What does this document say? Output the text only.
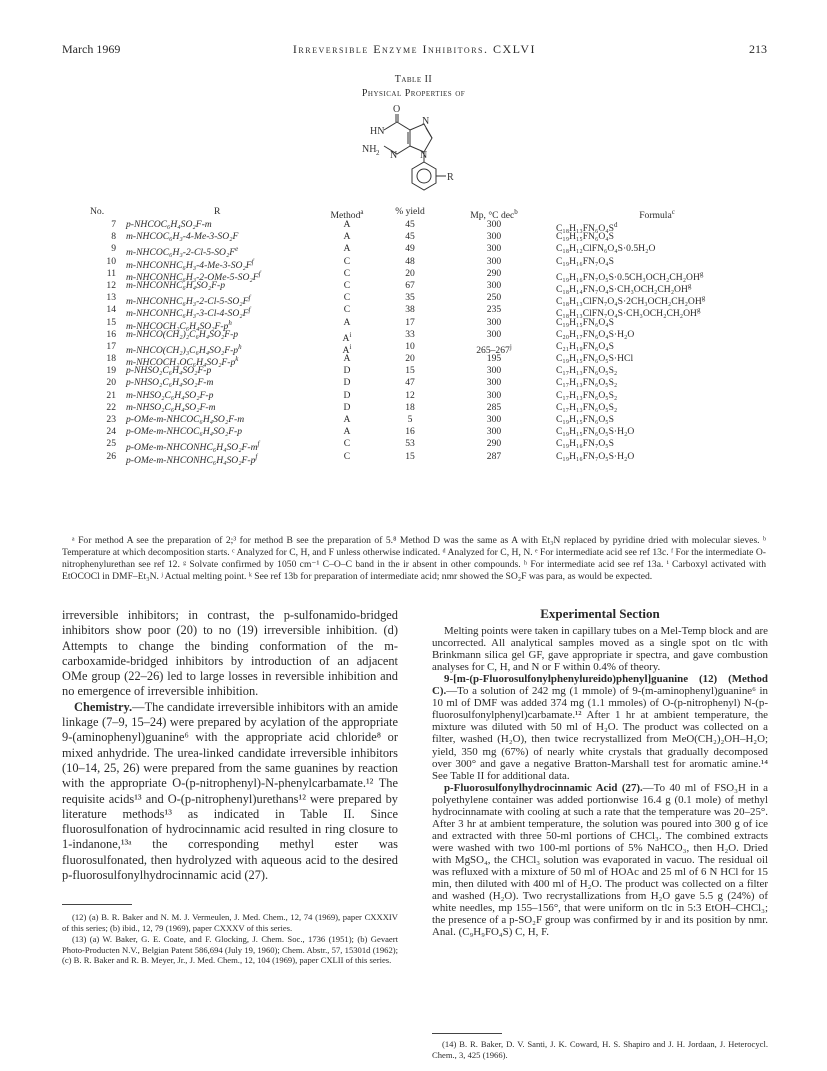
March 1969	Irreversible Enzyme Inhibitors. CXLVI	213
Table II
Physical Properties of
O
HN
NH 2 N
N
N
R
No.	R	Method$^a$	% yield	Mp, °C dec$^b$	Formula$^c$
7 p-NHCOC₆H₄SO₂F-m	A	45	300	$C_{18}H_{13}FN_6O_4S^d$
8 m-NHCOC₆H₃-4-Me-3-SO₂F	A	45	300	C₁₉H₁₅FN₆O₄S
9 $m-NHCOC_6H_3-2-Cl-5-SO_2F^e$	A	49	300	C₁₈H₁₂ClFN₆O₄S·0.5H₂O
10 $m-NHCONHC_6H_3-4-Me-3-SO_2F^f$	C	48	300	C₁₉H₁₆FN₇O₄S
11 $m-NHCONHC_6H_3-2-OMe-5-SO_2F^f$	C	20	290	$C_{19}H_{16}FN_7O_5S\cdot 0.5CH_3OCH_2CH_2OH^g$
12 m-NHCONHC₆H₄SO₂F-p	C	67	300	$C_{18}H_{14}FN_7O_4S\cdot CH_3OCH_2CH_2OH^g$
13 $m-NHCONHC_6H_3-2-Cl-5-SO_2F^f$	C	35	250	$C_{18}H_{13}ClFN_7O_4S\cdot 2CH_3OCH_2CH_2OH^g$
14 $m-NHCONHC_6H_3-3-Cl-4-SO_2F^f$	C	38	235	$C_{18}H_{13}ClFN_7O_4S\cdot CH_3OCH_2CH_2OH^g$
15 $m-NHCOCH_2C_6H_4SO_2F-p^h$	A	17	300	C₁₉H₁₅FN₆O₄S
16 m-NHCO(CH₂)₂C₆H₄SO₂F-p	$A^i$	33	300	C₂₀H₁₇FN₆O₄S·H₂O
17 $m-NHCO(CH_2)_3C_6H_4SO_2F-p^h$	$A^i$	10	265–267$^j$	C₂₁H₁₉FN₆O₄S
18 $m-NHCOCH_2OC_6H_4SO_2F-p^k$	A	20	195	C₁₉H₁₅FN₆O₅S·HCl
19 p-NHSO₂C₆H₄SO₂F-p	D	15	300	C₁₇H₁₃FN₆O₅S₂
20 p-NHSO₂C₆H₄SO₂F-m	D	47	300	C₁₇H₁₃FN₆O₅S₂
21 m-NHSO₂C₆H₄SO₂F-p	D	12	300	C₁₇H₁₃FN₆O₅S₂
22 m-NHSO₂C₆H₄SO₂F-m	D	18	285	C₁₇H₁₃FN₆O₅S₂
23 p-OMe-m-NHCOC₆H₄SO₂F-m	A	5	300	C₁₉H₁₅FN₆O₅S
24 p-OMe-m-NHCOC₆H₄SO₂F-p	A	16	300	C₁₉H₁₅FN₆O₅S·H₂O
25 $p-OMe-m-NHCONHC_6H_4SO_2F-m^f$	C	53	290	C₁₉H₁₆FN₇O₅S
26 $p-OMe-m-NHCONHC_6H_4SO_2F-p^f$	C	15	287	C₁₉H₁₆FN₇O₅S·H₂O
ᵃ For method A see the preparation of 2;³ for method B see the preparation of 5.⁸ Method D was the same as A with Et₃N replaced by pyridine dried with molecular sieves. ᵇ Temperature at which decomposition starts. ᶜ Analyzed for C, H, and F unless otherwise indicated. ᵈ Analyzed for C, H, N. ᵉ For intermediate acid see ref 13c. ᶠ For the intermediate O-nitrophenylurethan see ref 12. ᵍ Solvate confirmed by 1050 cm⁻¹ C–O–C band in the ir absent in other compounds. ʰ For intermediate acid see ref 13a. ⁱ Carboxyl activated with EtOCOCl in DMF–Et₃N. ʲ Actual melting point. ᵏ See ref 13b for preparation of intermediate acid; nmr showed the SO₂F was para, as would be expected.

irreversible inhibitors; in contrast, the p-sulfonamido-bridged inhibitors show poor (20) to no (19) irreversible inhibition. (d) Attempts to change the binding conformation of the m-carboxamide-bridged inhibitors by introduction of an adjacent OMe group (22–26) led to large losses in reversible inhibition and no emergence of irreversible inhibition.

Chemistry.—The candidate irreversible inhibitors with an amide linkage (7–9, 15–24) were prepared by acylation of the appropriate 9-(aminophenyl)guanine⁶ with the appropriate acid chloride⁸ or mixed anhydride. The urea-linked candidate irreversible inhibitors (10–14, 25, 26) were prepared from the same guanines by reaction with the appropriate O-(p-nitrophenyl)-N-phenylcarbamate.¹² The requisite acids¹³ and O-(p-nitrophenyl)urethans¹² were prepared by literature methods¹³ as indicated in Table II. Since fluorosulfonation of hydrocinnamic acid resulted in ring closure to 1-indanone,¹³ᵃ the corresponding methyl ester was fluorosulfonated, then hydrolyzed with aqueous acid to the desired p-fluorosulfonylhydrocinnamic acid (27).

(12) (a) B. R. Baker and N. M. J. Vermeulen, J. Med. Chem., 12, 74 (1969), paper CXXXIV of this series; (b) ibid., 12, 79 (1969), paper CXXXV of this series.

(13) (a) W. Baker, G. E. Coate, and F. Glocking, J. Chem. Soc., 1736 (1951); (b) Gevaert Photo-Producten N.V., Belgian Patent 586,694 (July 19, 1960); Chem. Abstr., 57, 15301d (1962); (c) B. R. Baker and R. B. Meyer, Jr., J. Med. Chem., 12, 104 (1969), paper CXLII of this series.

Experimental Section

Melting points were taken in capillary tubes on a Mel-Temp block and are uncorrected. All analytical samples moved as a single spot on tlc with Brinkmann silica gel GF, gave appropriate ir spectra, and gave combustion analyses for C, H, and N or F within 0.4% of theory.

9-[m-(p-Fluorosulfonylphenylureido)phenyl]guanine (12) (Method C).—To a solution of 242 mg (1 mmole) of 9-(m-aminophenyl)guanine⁶ in 10 ml of DMF was added 374 mg (1.1 mmoles) of O-(p-nitrophenyl) N-(p-fluorosulfonylphenyl)carbamate.¹² After 1 hr at ambient temperature, the mixture was diluted with 50 ml of H₂O. The product was collected on a filter, washed (H₂O), then twice recrystallized from MeO(CH₂)₂OH–H₂O; yield, 350 mg (67%) of nearly white crystals that gradually decomposed over 300° and gave a negative Bratton-Marshall test for aromatic amine.¹⁴ See Table II for additional data.

p-Fluorosulfonylhydrocinnamic Acid (27).—To 40 ml of FSO₃H in a polyethylene container was added portionwise 16.4 g (0.1 mole) of methyl hydrocinnamate with cooling at such a rate that the temperature was 20–25°. After 3 hr at ambient temperature, the solution was poured into 300 g of ice and extracted with three 50-ml portions of CHCl₃. The combined extracts were washed with two 100-ml portions of 5% NaHCO₃, then H₂O. Dried with MgSO₄, the CHCl₃ solution was evaporated in vacuo. The residual oil was refluxed with a mixture of 50 ml of HOAc and 25 ml of 6 N HCl for 15 min, then diluted with 400 ml of H₂O. The product was collected on a filter and washed (H₂O). Two recrystallizations from H₂O gave 5.5 g (24%) of white needles, mp 155–156°, that were uniform on tlc in 5:3 EtOH–CHCl₃; the presence of a p-SO₂F group was confirmed by ir and its position by nmr. Anal. (C₉H₉FO₄S) C, H, F.

(14) B. R. Baker, D. V. Santi, J. K. Coward, H. S. Shapiro and J. H. Jordaan, J. Heterocycl. Chem., 3, 425 (1966).
